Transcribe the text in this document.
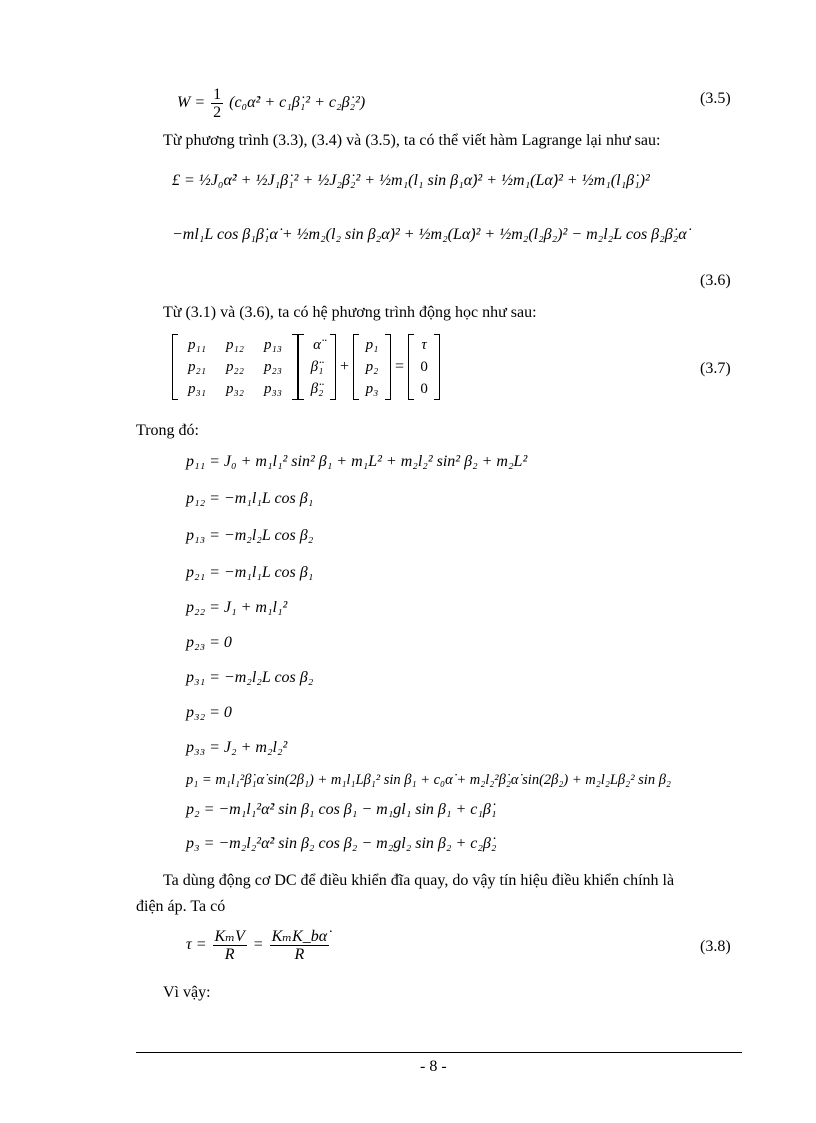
$W = \frac{1}{2}$ (c₀α̇² + c₁β̇₁² + c₂β̇₂²)	(3.5)
Từ phương trình (3.3), (3.4) và (3.5), ta có thể viết hàm Lagrange lại như sau:
£ = ½J₀α̇² + ½J₁β̇₁² + ½J₂β̇₂² + ½m₁(l₁ sin β₁α̇)² + ½m₁(Lα̇)² + ½m₁(l₁β̇₁)²
−ml₁L cos β₁β̇₁α̇ + ½m₂(l₂ sin β₂α̇)² + ½m₂(Lα̇)² + ½m₂(l₂β₂)² − m₂l₂L cos β₂β̇₂α̇
(3.6)
Từ (3.1) và (3.6), ta có hệ phương trình động học như sau:
p₁₁	p₁₂	p₁₃
p₂₁	p₂₂	p₂₃
p₃₁	p₃₂	p₃₃
α̈
β̈₁
β̈₂
+
p₁
p₂
p₃
=
τ
0
0
(3.7)
Trong đó:
p₁₁ = J₀ + m₁l₁² sin² β₁ + m₁L² + m₂l₂² sin² β₂ + m₂L²
p₁₂ = −m₁l₁L cos β₁
p₁₃ = −m₂l₂L cos β₂
p₂₁ = −m₁l₁L cos β₁
p₂₂ = J₁ + m₁l₁²
p₂₃ = 0
p₃₁ = −m₂l₂L cos β₂
p₃₂ = 0
p₃₃ = J₂ + m₂l₂²
p₁ = m₁l₁²β̇₁α̇ sin(2β₁) + m₁l₁Lβ₁² sin β₁ + c₀α̇ + m₂l₂²β̇₂α̇ sin(2β₂) + m₂l₂Lβ₂² sin β₂
p₂ = −m₁l₁²α̇² sin β₁ cos β₁ − m₁gl₁ sin β₁ + c₁β̇₁
p₃ = −m₂l₂²α̇² sin β₂ cos β₂ − m₂gl₂ sin β₂ + c₂β̇₂
Ta dùng động cơ DC để điều khiển đĩa quay, do vậy tín hiệu điều khiển chính là
điện áp. Ta có
$\tau = \frac{\text{KₘV}}{R} = \frac{\text{KₘK\_bα̇}}{R}$	(3.8)
Vì vậy:
- 8 -
